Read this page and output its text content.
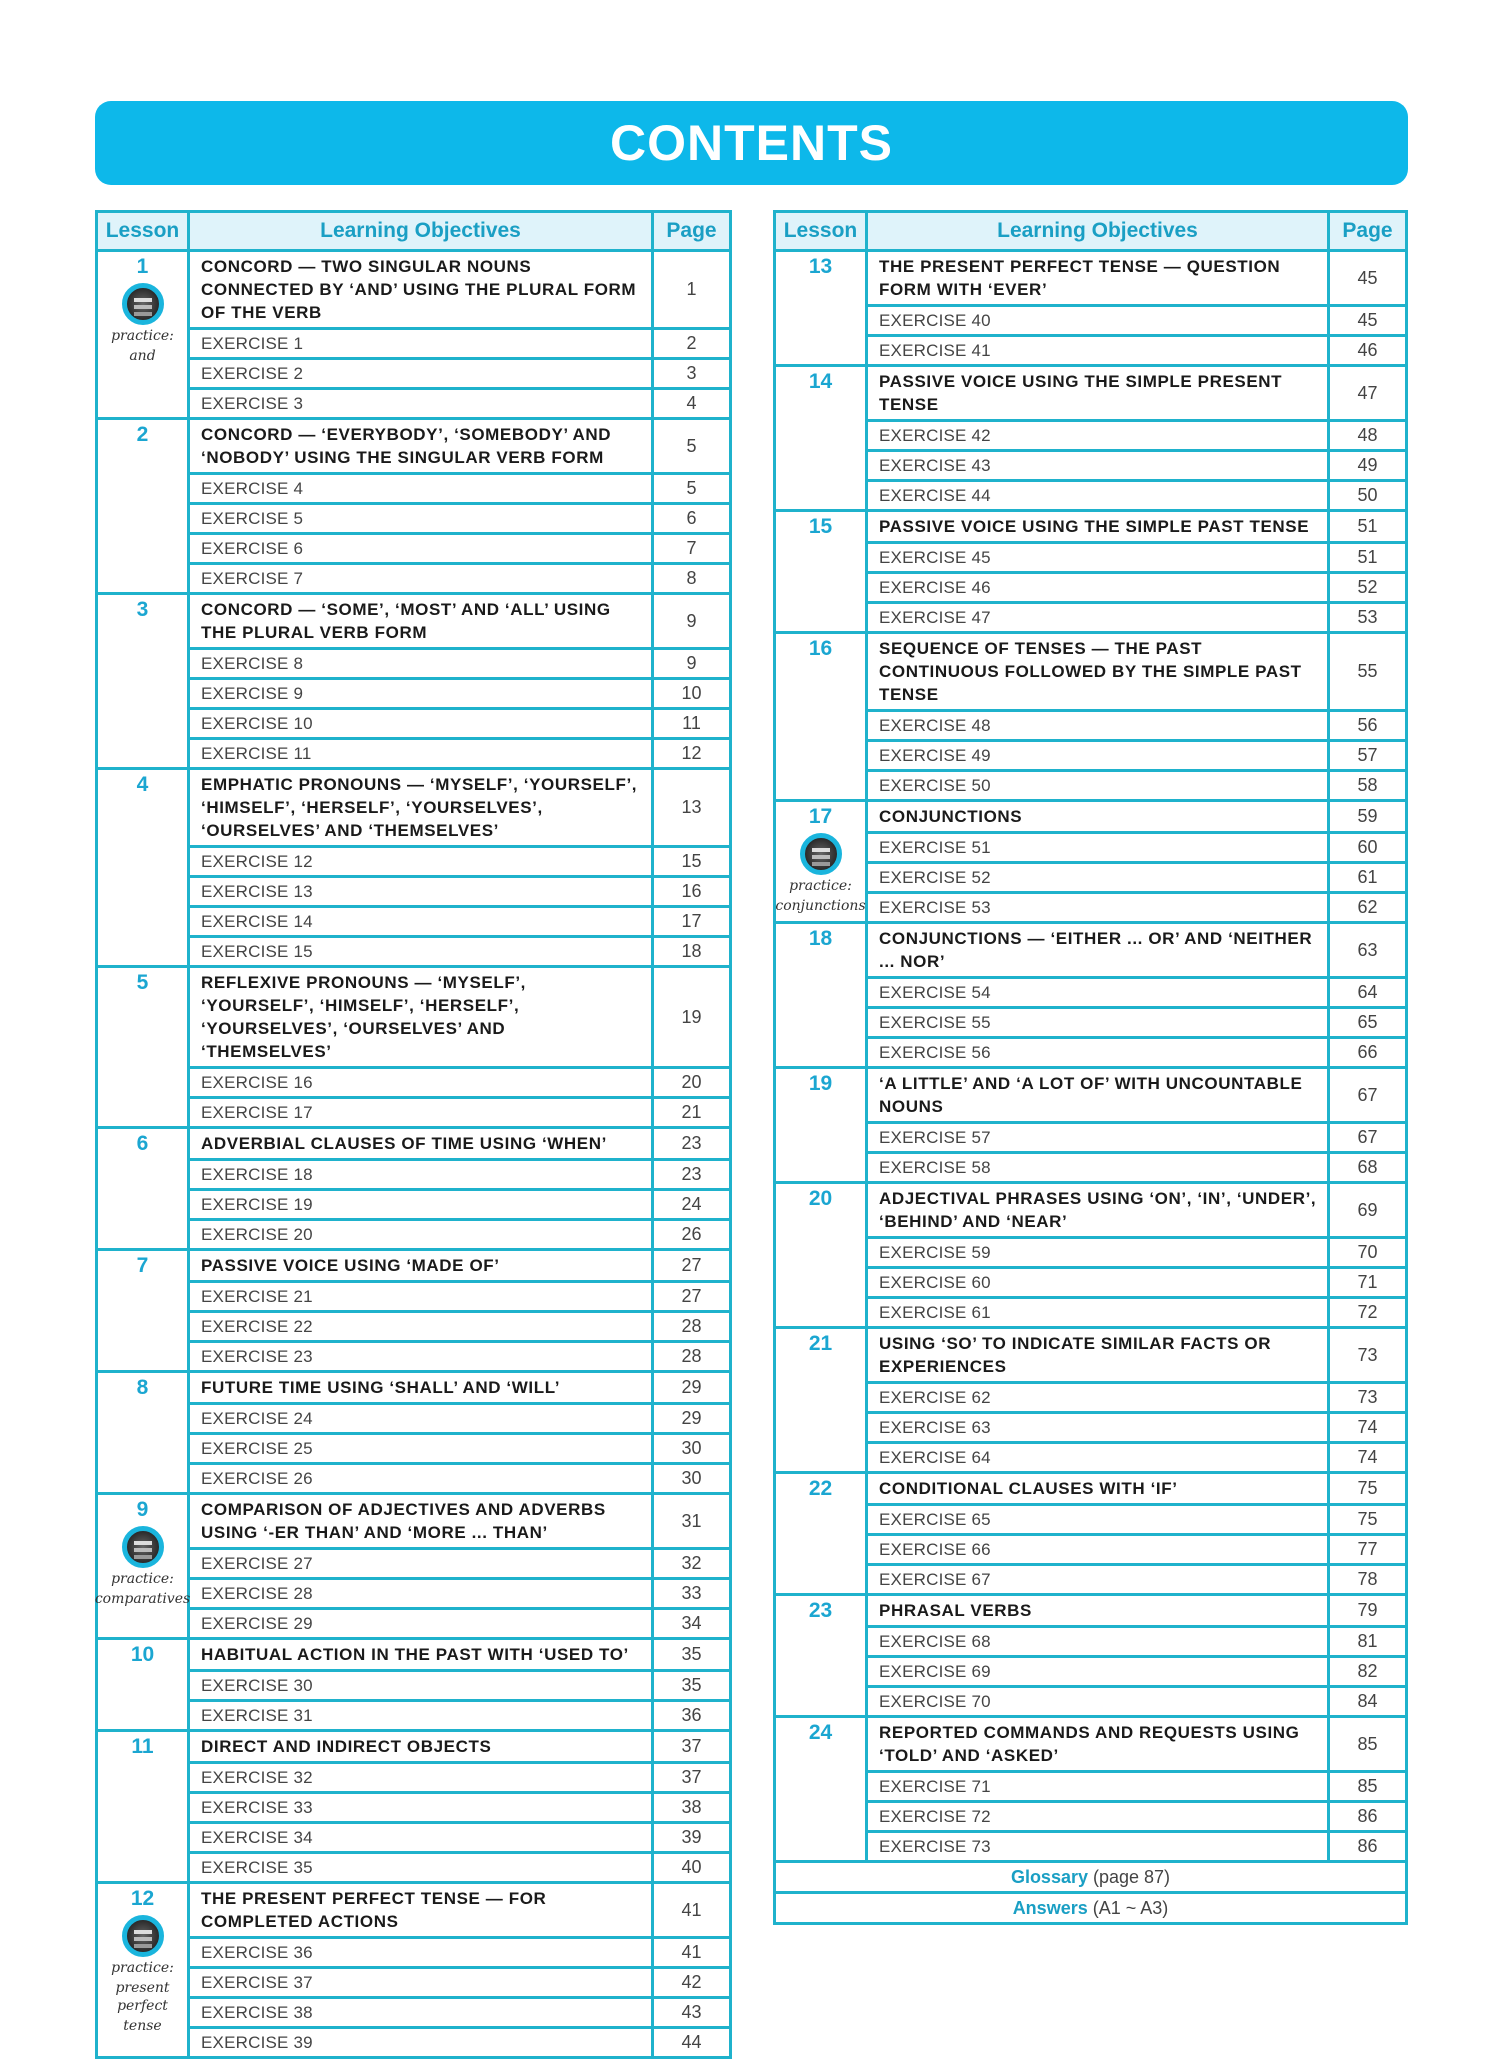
CONTENTS
Lesson	Learning Objectives	Page

1
practice:
and	CONCORD — TWO SINGULAR NOUNS CONNECTED BY ‘AND’ USING THE PLURAL FORM OF THE VERB	1
	EXERCISE 1	2
	EXERCISE 2	3
	EXERCISE 3	4

2	CONCORD — ‘EVERYBODY’, ‘SOMEBODY’ AND ‘NOBODY’ USING THE SINGULAR VERB FORM	5
	EXERCISE 4	5
	EXERCISE 5	6
	EXERCISE 6	7
	EXERCISE 7	8

3	CONCORD — ‘SOME’, ‘MOST’ AND ‘ALL’ USING THE PLURAL VERB FORM	9
	EXERCISE 8	9
	EXERCISE 9	10
	EXERCISE 10	11
	EXERCISE 11	12

4	EMPHATIC PRONOUNS — ‘MYSELF’, ‘YOURSELF’, ‘HIMSELF’, ‘HERSELF’, ‘YOURSELVES’, ‘OURSELVES’ AND ‘THEMSELVES’	13
	EXERCISE 12	15
	EXERCISE 13	16
	EXERCISE 14	17
	EXERCISE 15	18

5	REFLEXIVE PRONOUNS — ‘MYSELF’, ‘YOURSELF’, ‘HIMSELF’, ‘HERSELF’, ‘YOURSELVES’, ‘OURSELVES’ AND ‘THEMSELVES’	19
	EXERCISE 16	20
	EXERCISE 17	21

6	ADVERBIAL CLAUSES OF TIME USING ‘WHEN’	23
	EXERCISE 18	23
	EXERCISE 19	24
	EXERCISE 20	26

7	PASSIVE VOICE USING ‘MADE OF’	27
	EXERCISE 21	27
	EXERCISE 22	28
	EXERCISE 23	28

8	FUTURE TIME USING ‘SHALL’ AND ‘WILL’	29
	EXERCISE 24	29
	EXERCISE 25	30
	EXERCISE 26	30

9
practice:
comparatives	COMPARISON OF ADJECTIVES AND ADVERBS USING ‘-ER THAN’ AND ‘MORE ... THAN’	31
	EXERCISE 27	32
	EXERCISE 28	33
	EXERCISE 29	34

10	HABITUAL ACTION IN THE PAST WITH ‘USED TO’	35
	EXERCISE 30	35
	EXERCISE 31	36

11	DIRECT AND INDIRECT OBJECTS	37
	EXERCISE 32	37
	EXERCISE 33	38
	EXERCISE 34	39
	EXERCISE 35	40

12
practice:
present perfect
tense	THE PRESENT PERFECT TENSE — FOR COMPLETED ACTIONS	41
	EXERCISE 36	41
	EXERCISE 37	42
	EXERCISE 38	43
	EXERCISE 39	44
Lesson	Learning Objectives	Page

13	THE PRESENT PERFECT TENSE — QUESTION FORM WITH ‘EVER’	45
	EXERCISE 40	45
	EXERCISE 41	46

14	PASSIVE VOICE USING THE SIMPLE PRESENT TENSE	47
	EXERCISE 42	48
	EXERCISE 43	49
	EXERCISE 44	50

15	PASSIVE VOICE USING THE SIMPLE PAST TENSE	51
	EXERCISE 45	51
	EXERCISE 46	52
	EXERCISE 47	53

16	SEQUENCE OF TENSES — THE PAST CONTINUOUS FOLLOWED BY THE SIMPLE PAST TENSE	55
	EXERCISE 48	56
	EXERCISE 49	57
	EXERCISE 50	58

17
practice:
conjunctions	CONJUNCTIONS	59
	EXERCISE 51	60
	EXERCISE 52	61
	EXERCISE 53	62

18	CONJUNCTIONS — ‘EITHER ... OR’ AND ‘NEITHER ... NOR’	63
	EXERCISE 54	64
	EXERCISE 55	65
	EXERCISE 56	66

19	‘A LITTLE’ AND ‘A LOT OF’ WITH UNCOUNTABLE NOUNS	67
	EXERCISE 57	67
	EXERCISE 58	68

20	ADJECTIVAL PHRASES USING ‘ON’, ‘IN’, ‘UNDER’, ‘BEHIND’ AND ‘NEAR’	69
	EXERCISE 59	70
	EXERCISE 60	71
	EXERCISE 61	72

21	USING ‘SO’ TO INDICATE SIMILAR FACTS OR EXPERIENCES	73
	EXERCISE 62	73
	EXERCISE 63	74
	EXERCISE 64	74

22	CONDITIONAL CLAUSES WITH ‘IF’	75
	EXERCISE 65	75
	EXERCISE 66	77
	EXERCISE 67	78

23	PHRASAL VERBS	79
	EXERCISE 68	81
	EXERCISE 69	82
	EXERCISE 70	84

24	REPORTED COMMANDS AND REQUESTS USING ‘TOLD’ AND ‘ASKED’	85
	EXERCISE 71	85
	EXERCISE 72	86
	EXERCISE 73	86
Glossary (page 87)		
Answers (A1 ~ A3)		
